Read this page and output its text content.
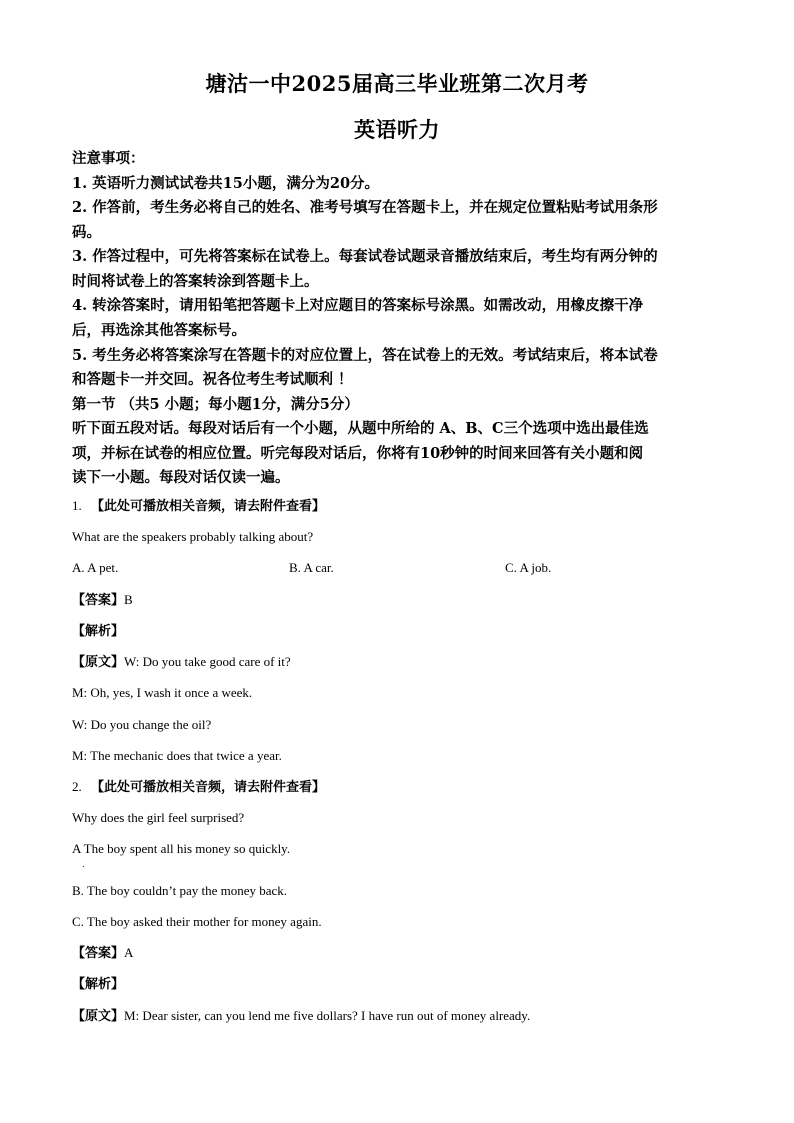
塘沽一中2025届高三毕业班第二次月考
英语听力
注意事项：
1. 英语听力测试试卷共15小题，满分为20分。
2. 作答前，考生务必将自己的姓名、准考号填写在答题卡上，并在规定位置粘贴考试用条形
码。
3. 作答过程中，可先将答案标在试卷上。每套试卷试题录音播放结束后，考生均有两分钟的
时间将试卷上的答案转涂到答题卡上。
4. 转涂答案时，请用铅笔把答题卡上对应题目的答案标号涂黑。如需改动，用橡皮擦干净
后，再选涂其他答案标号。
5. 考生务必将答案涂写在答题卡的对应位置上，答在试卷上的无效。考试结束后，将本试卷
和答题卡一并交回。祝各位考生考试顺利 ！
第一节 （共5 小题；每小题1分，满分5分）
听下面五段对话。每段对话后有一个小题，从题中所给的 A、B、C三个选项中选出最佳选
项，并标在试卷的相应位置。听完每段对话后，你将有10秒钟的时间来回答有关小题和阅
读下一小题。每段对话仅读一遍。
1. 【此处可播放相关音频，请去附件查看】
What are the speakers probably talking about?
A. A pet.	B. A car.	C. A job.
【答案】B
【解析】
【原文】W: Do you take good care of it?
M: Oh, yes, I wash it once a week.
W: Do you change the oil?
M: The mechanic does that twice a year.
2. 【此处可播放相关音频，请去附件查看】
Why does the girl feel surprised?
A The boy spent all his money so quickly.
.
B. The boy couldn’t pay the money back.
C. The boy asked their mother for money again.
【答案】A
【解析】
【原文】M: Dear sister, can you lend me five dollars? I have run out of money already.
